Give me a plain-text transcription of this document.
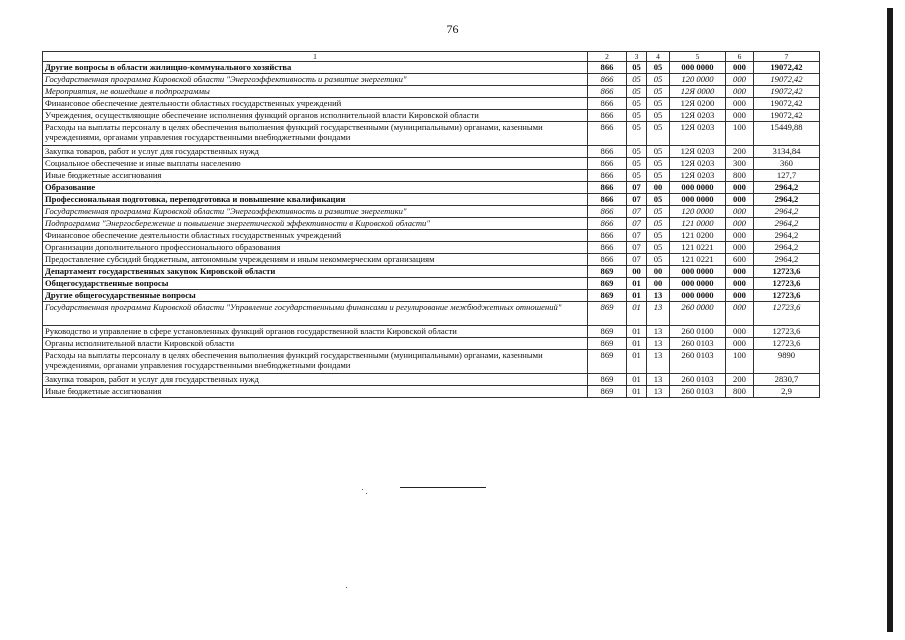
76
1	2	3	4	5	6	7
Другие вопросы в области жилищно-коммунального хозяйства	866	05	05	000 0000	000	19072,42
Государственная программа Кировской области "Энергоэффективность и развитие энергетики"	866	05	05	120 0000	000	19072,42
Мероприятия, не вошедшие в подпрограммы	866	05	05	12Я 0000	000	19072,42
Финансовое обеспечение деятельности областных государственных учреждений	866	05	05	12Я 0200	000	19072,42
Учреждения, осуществляющие обеспечение исполнения функций органов исполнительной власти Кировской области	866	05	05	12Я 0203	000	19072,42
Расходы на выплаты персоналу в целях обеспечения выполнения функций государственными (муниципальными) органами, казенными учреждениями, органами управления государственными внебюджетными фондами	866	05	05	12Я 0203	100	15449,88
Закупка товаров, работ и услуг для государственных нужд	866	05	05	12Я 0203	200	3134,84
Социальное обеспечение и иные выплаты населению	866	05	05	12Я 0203	300	360
Иные бюджетные ассигнования	866	05	05	12Я 0203	800	127,7
Образование	866	07	00	000 0000	000	2964,2
Профессиональная подготовка, переподготовка и повышение квалификации	866	07	05	000 0000	000	2964,2
Государственная программа Кировской области "Энергоэффективность и развитие энергетики"	866	07	05	120 0000	000	2964,2
Подпрограмма "Энергосбережение и повышение энергетической эффективности в Кировской области"	866	07	05	121 0000	000	2964,2
Финансовое обеспечение деятельности областных государственных учреждений	866	07	05	121 0200	000	2964,2
Организации дополнительного профессионального образования	866	07	05	121 0221	000	2964,2
Предоставление субсидий бюджетным, автономным учреждениям и иным некоммерческим организациям	866	07	05	121 0221	600	2964,2
Департамент государственных закупок Кировской области	869	00	00	000 0000	000	12723,6
Общегосударственные вопросы	869	01	00	000 0000	000	12723,6
Другие общегосударственные вопросы	869	01	13	000 0000	000	12723,6
Государственная программа Кировской области "Управление государственными финансами и регулирование межбюджетных отношений"	869	01	13	260 0000	000	12723,6
Руководство и управление в сфере установленных функций органов государственной власти Кировской области	869	01	13	260 0100	000	12723,6
Органы исполнительной власти Кировской области	869	01	13	260 0103	000	12723,6
Расходы на выплаты персоналу в целях обеспечения выполнения функций государственными (муниципальными) органами, казенными учреждениями, органами управления государственными внебюджетными фондами	869	01	13	260 0103	100	9890
Закупка товаров, работ и услуг для государственных нужд	869	01	13	260 0103	200	2830,7
Иные бюджетные ассигнования	869	01	13	260 0103	800	2,9
